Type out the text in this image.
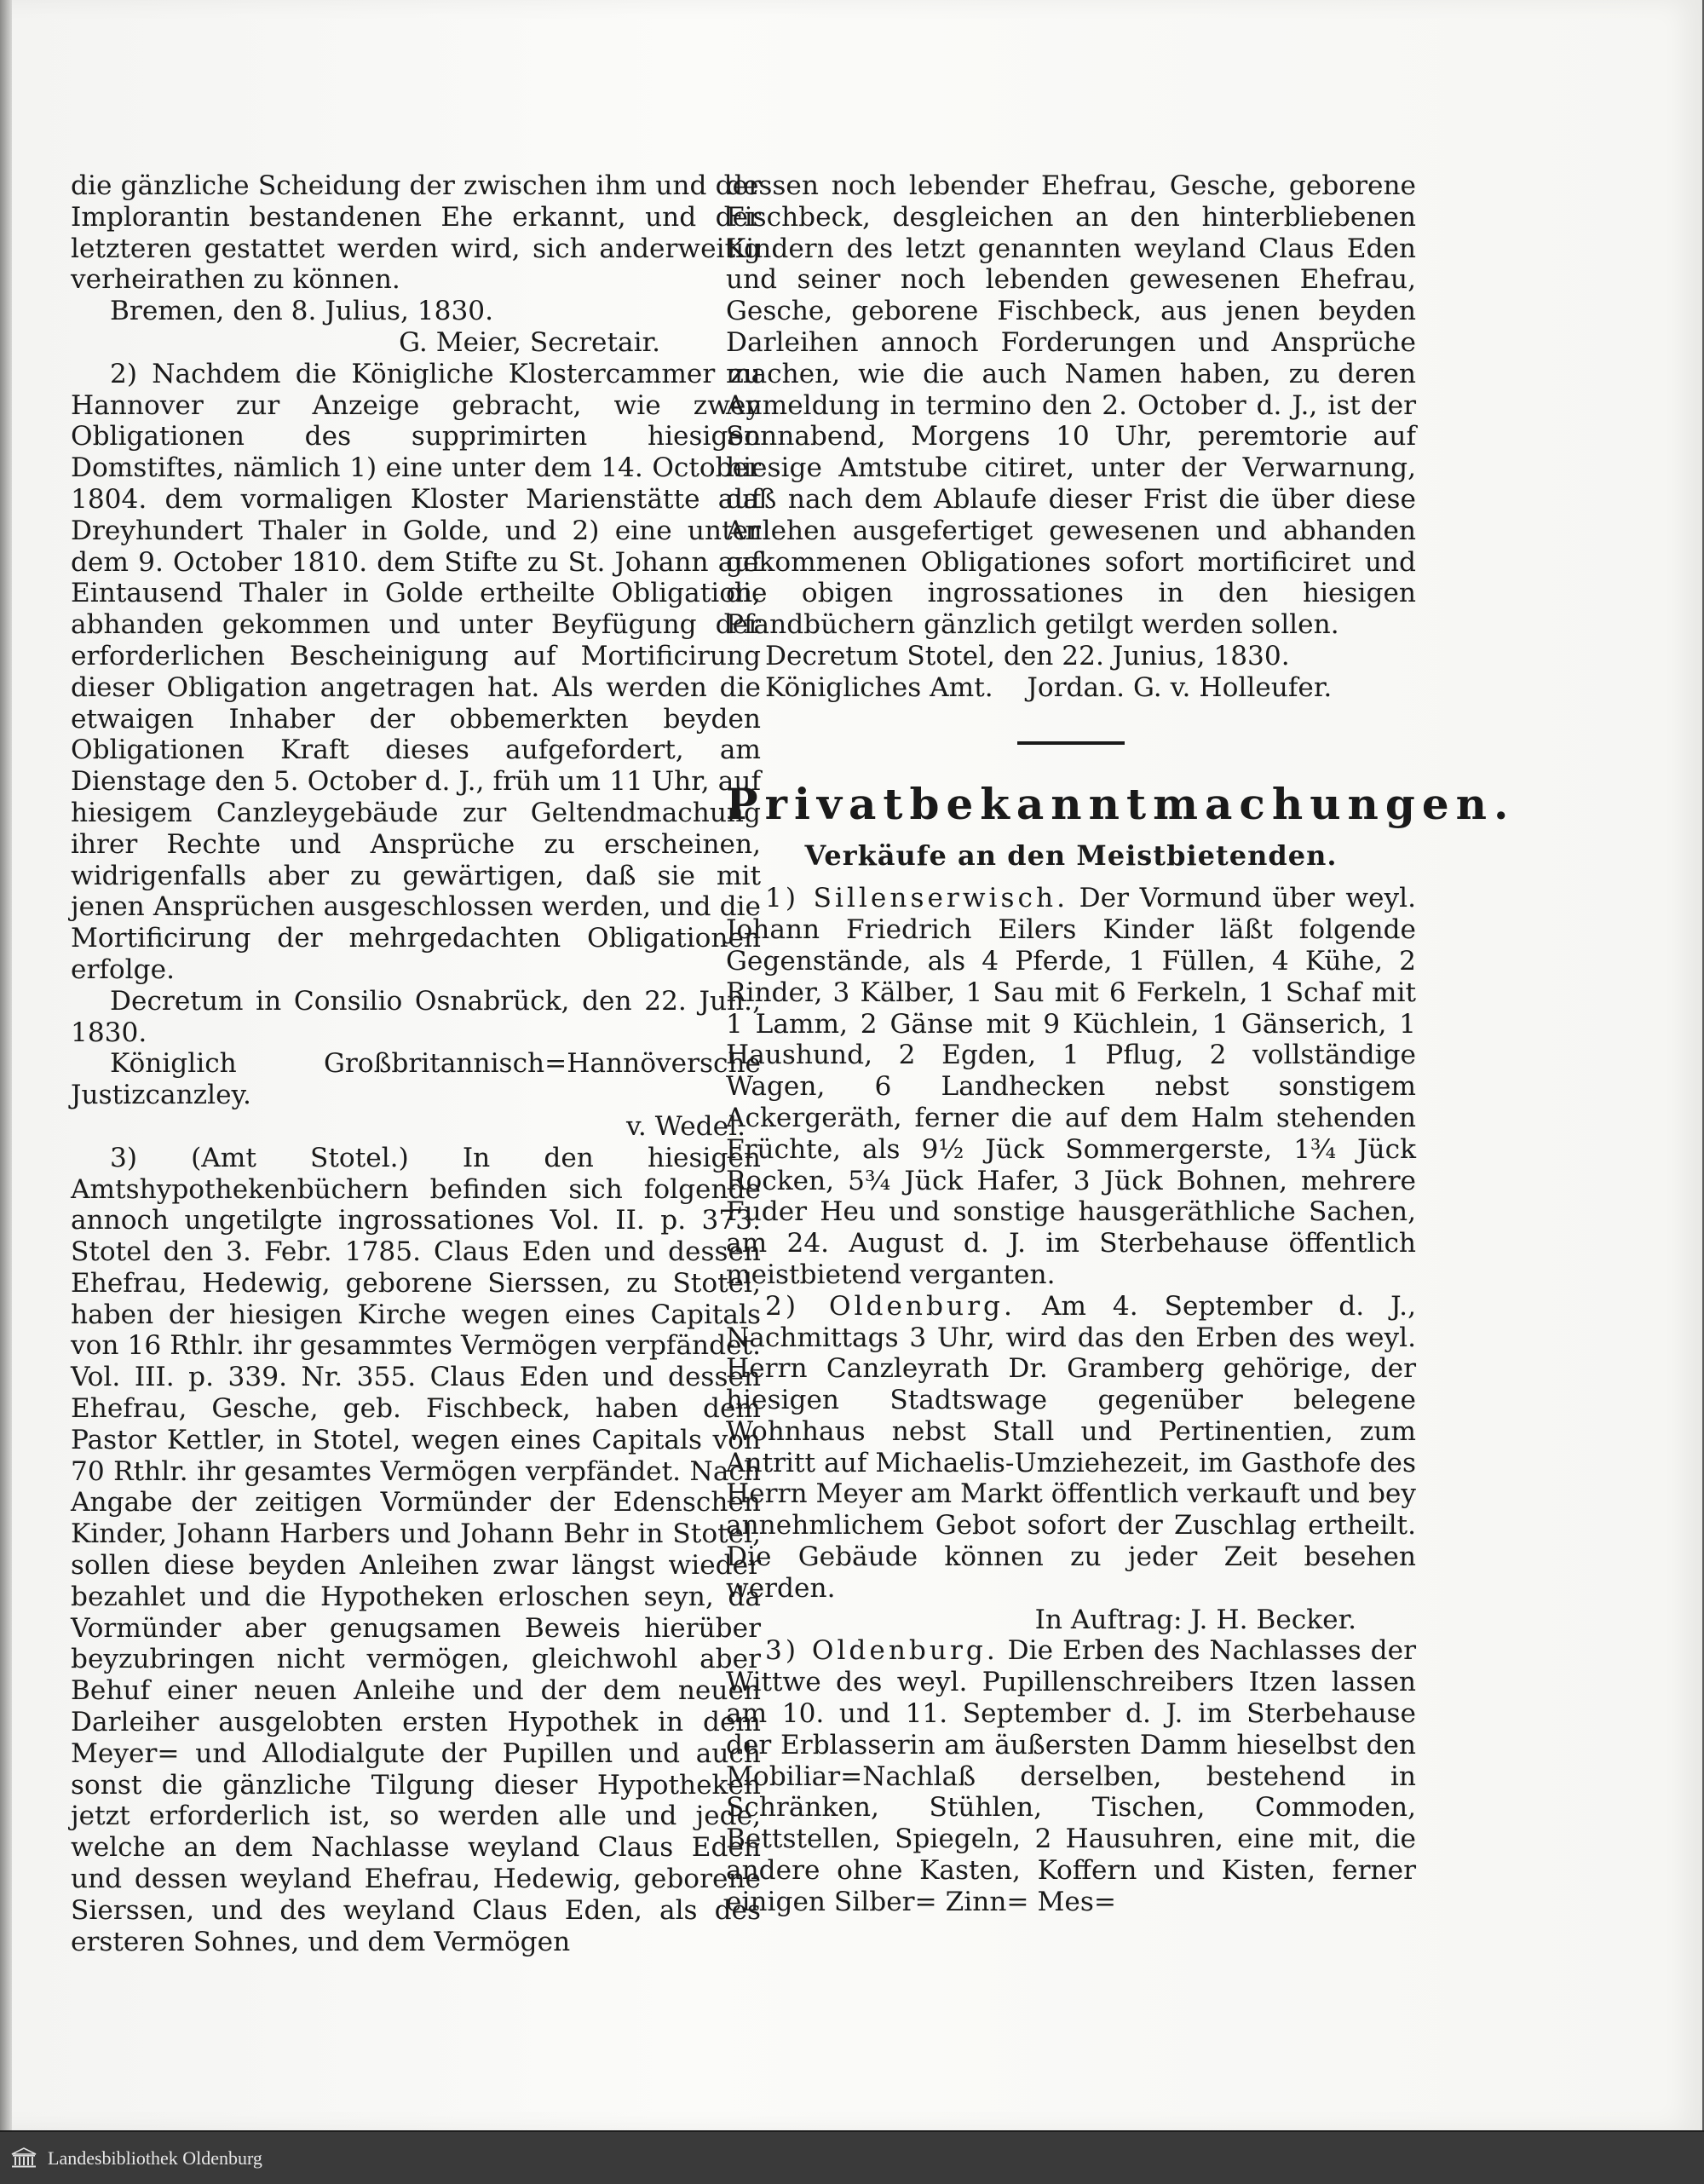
die gänzliche Scheidung der zwischen ihm und der Implorantin bestandenen Ehe erkannt, und der letzteren gestattet werden wird, sich anderweitig verheirathen zu können.

Bremen, den 8. Julius, 1830.

G. Meier, Secretair.

2) Nachdem die Königliche Klostercammer zu Hannover zur Anzeige gebracht, wie zwey Obligationen des supprimirten hiesigen Domstiftes, nämlich 1) eine unter dem 14. October 1804. dem vormaligen Kloster Marienstätte auf Dreyhundert Thaler in Golde, und 2) eine unter dem 9. October 1810. dem Stifte zu St. Johann auf Eintausend Thaler in Golde ertheilte Obligation, abhanden gekommen und unter Beyfügung der erforderlichen Bescheinigung auf Mortificirung dieser Obligation angetragen hat. Als werden die etwaigen Inhaber der obbemerkten beyden Obligationen Kraft dieses aufgefordert, am Dienstage den 5. October d. J., früh um 11 Uhr, auf hiesigem Canzleygebäude zur Geltendmachung ihrer Rechte und Ansprüche zu erscheinen, widrigenfalls aber zu gewärtigen, daß sie mit jenen Ansprüchen ausgeschlossen werden, und die Mortificirung der mehrgedachten Obligationen erfolge.

Decretum in Consilio Osnabrück, den 22. Jun., 1830.

Königlich Großbritannisch=Hannöversche Justizcanzley.

v. Wedel.

3) (Amt Stotel.) In den hiesigen Amtshypothekenbüchern befinden sich folgende annoch ungetilgte ingrossationes Vol. II. p. 373. Stotel den 3. Febr. 1785. Claus Eden und dessen Ehefrau, Hedewig, geborene Sierssen, zu Stotel, haben der hiesigen Kirche wegen eines Capitals von 16 Rthlr. ihr gesammtes Vermögen verpfändet. Vol. III. p. 339. Nr. 355. Claus Eden und dessen Ehefrau, Gesche, geb. Fischbeck, haben dem Pastor Kettler, in Stotel, wegen eines Capitals von 70 Rthlr. ihr gesamtes Vermögen verpfändet. Nach Angabe der zeitigen Vormünder der Edenschen Kinder, Johann Harbers und Johann Behr in Stotel, sollen diese beyden Anleihen zwar längst wieder bezahlet und die Hypotheken erloschen seyn, da Vormünder aber genugsamen Beweis hierüber beyzubringen nicht vermögen, gleichwohl aber Behuf einer neuen Anleihe und der dem neuen Darleiher ausgelobten ersten Hypothek in dem Meyer= und Allodialgute der Pupillen und auch sonst die gänzliche Tilgung dieser Hypotheken jetzt erforderlich ist, so werden alle und jede, welche an dem Nachlasse weyland Claus Eden und dessen weyland Ehefrau, Hedewig, geborene Sierssen, und des weyland Claus Eden, als des ersteren Sohnes, und dem Vermögen

dessen noch lebender Ehefrau, Gesche, geborene Fischbeck, desgleichen an den hinterbliebenen Kindern des letzt genannten weyland Claus Eden und seiner noch lebenden gewesenen Ehefrau, Gesche, geborene Fischbeck, aus jenen beyden Darleihen annoch Forderungen und Ansprüche machen, wie die auch Namen haben, zu deren Anmeldung in termino den 2. October d. J., ist der Sonnabend, Morgens 10 Uhr, peremtorie auf hiesige Amtstube citiret, unter der Verwarnung, daß nach dem Ablaufe dieser Frist die über diese Anlehen ausgefertiget gewesenen und abhanden gekommenen Obligationes sofort mortificiret und die obigen ingrossationes in den hiesigen Pfandbüchern gänzlich getilgt werden sollen.

Decretum Stotel, den 22. Junius, 1830.

Königliches Amt.    Jordan. G. v. Holleufer.

Privatbekanntmachungen.
Verkäufe an den Meistbietenden.

1) Sillenserwisch. Der Vormund über weyl. Johann Friedrich Eilers Kinder läßt folgende Gegenstände, als 4 Pferde, 1 Füllen, 4 Kühe, 2 Rinder, 3 Kälber, 1 Sau mit 6 Ferkeln, 1 Schaf mit 1 Lamm, 2 Gänse mit 9 Küchlein, 1 Gänserich, 1 Haushund, 2 Egden, 1 Pflug, 2 vollständige Wagen, 6 Landhecken nebst sonstigem Ackergeräth, ferner die auf dem Halm stehenden Früchte, als 9½ Jück Sommergerste, 1¾ Jück Rocken, 5¾ Jück Hafer, 3 Jück Bohnen, mehrere Fuder Heu und sonstige hausgeräthliche Sachen, am 24. August d. J. im Sterbehause öffentlich meistbietend verganten.

2) Oldenburg. Am 4. September d. J., Nachmittags 3 Uhr, wird das den Erben des weyl. Herrn Canzleyrath Dr. Gramberg gehörige, der hiesigen Stadtswage gegenüber belegene Wohnhaus nebst Stall und Pertinentien, zum Antritt auf Michaelis-Umziehezeit, im Gasthofe des Herrn Meyer am Markt öffentlich verkauft und bey annehmlichem Gebot sofort der Zuschlag ertheilt. Die Gebäude können zu jeder Zeit besehen werden.

In Auftrag: J. H. Becker.

3) Oldenburg. Die Erben des Nachlasses der Wittwe des weyl. Pupillenschreibers Itzen lassen am 10. und 11. September d. J. im Sterbehause der Erblasserin am äußersten Damm hieselbst den Mobiliar=Nachlaß derselben, bestehend in Schränken, Stühlen, Tischen, Commoden, Bettstellen, Spiegeln, 2 Hausuhren, eine mit, die andere ohne Kasten, Koffern und Kisten, ferner einigen Silber= Zinn= Mes=

Landesbibliothek Oldenburg
